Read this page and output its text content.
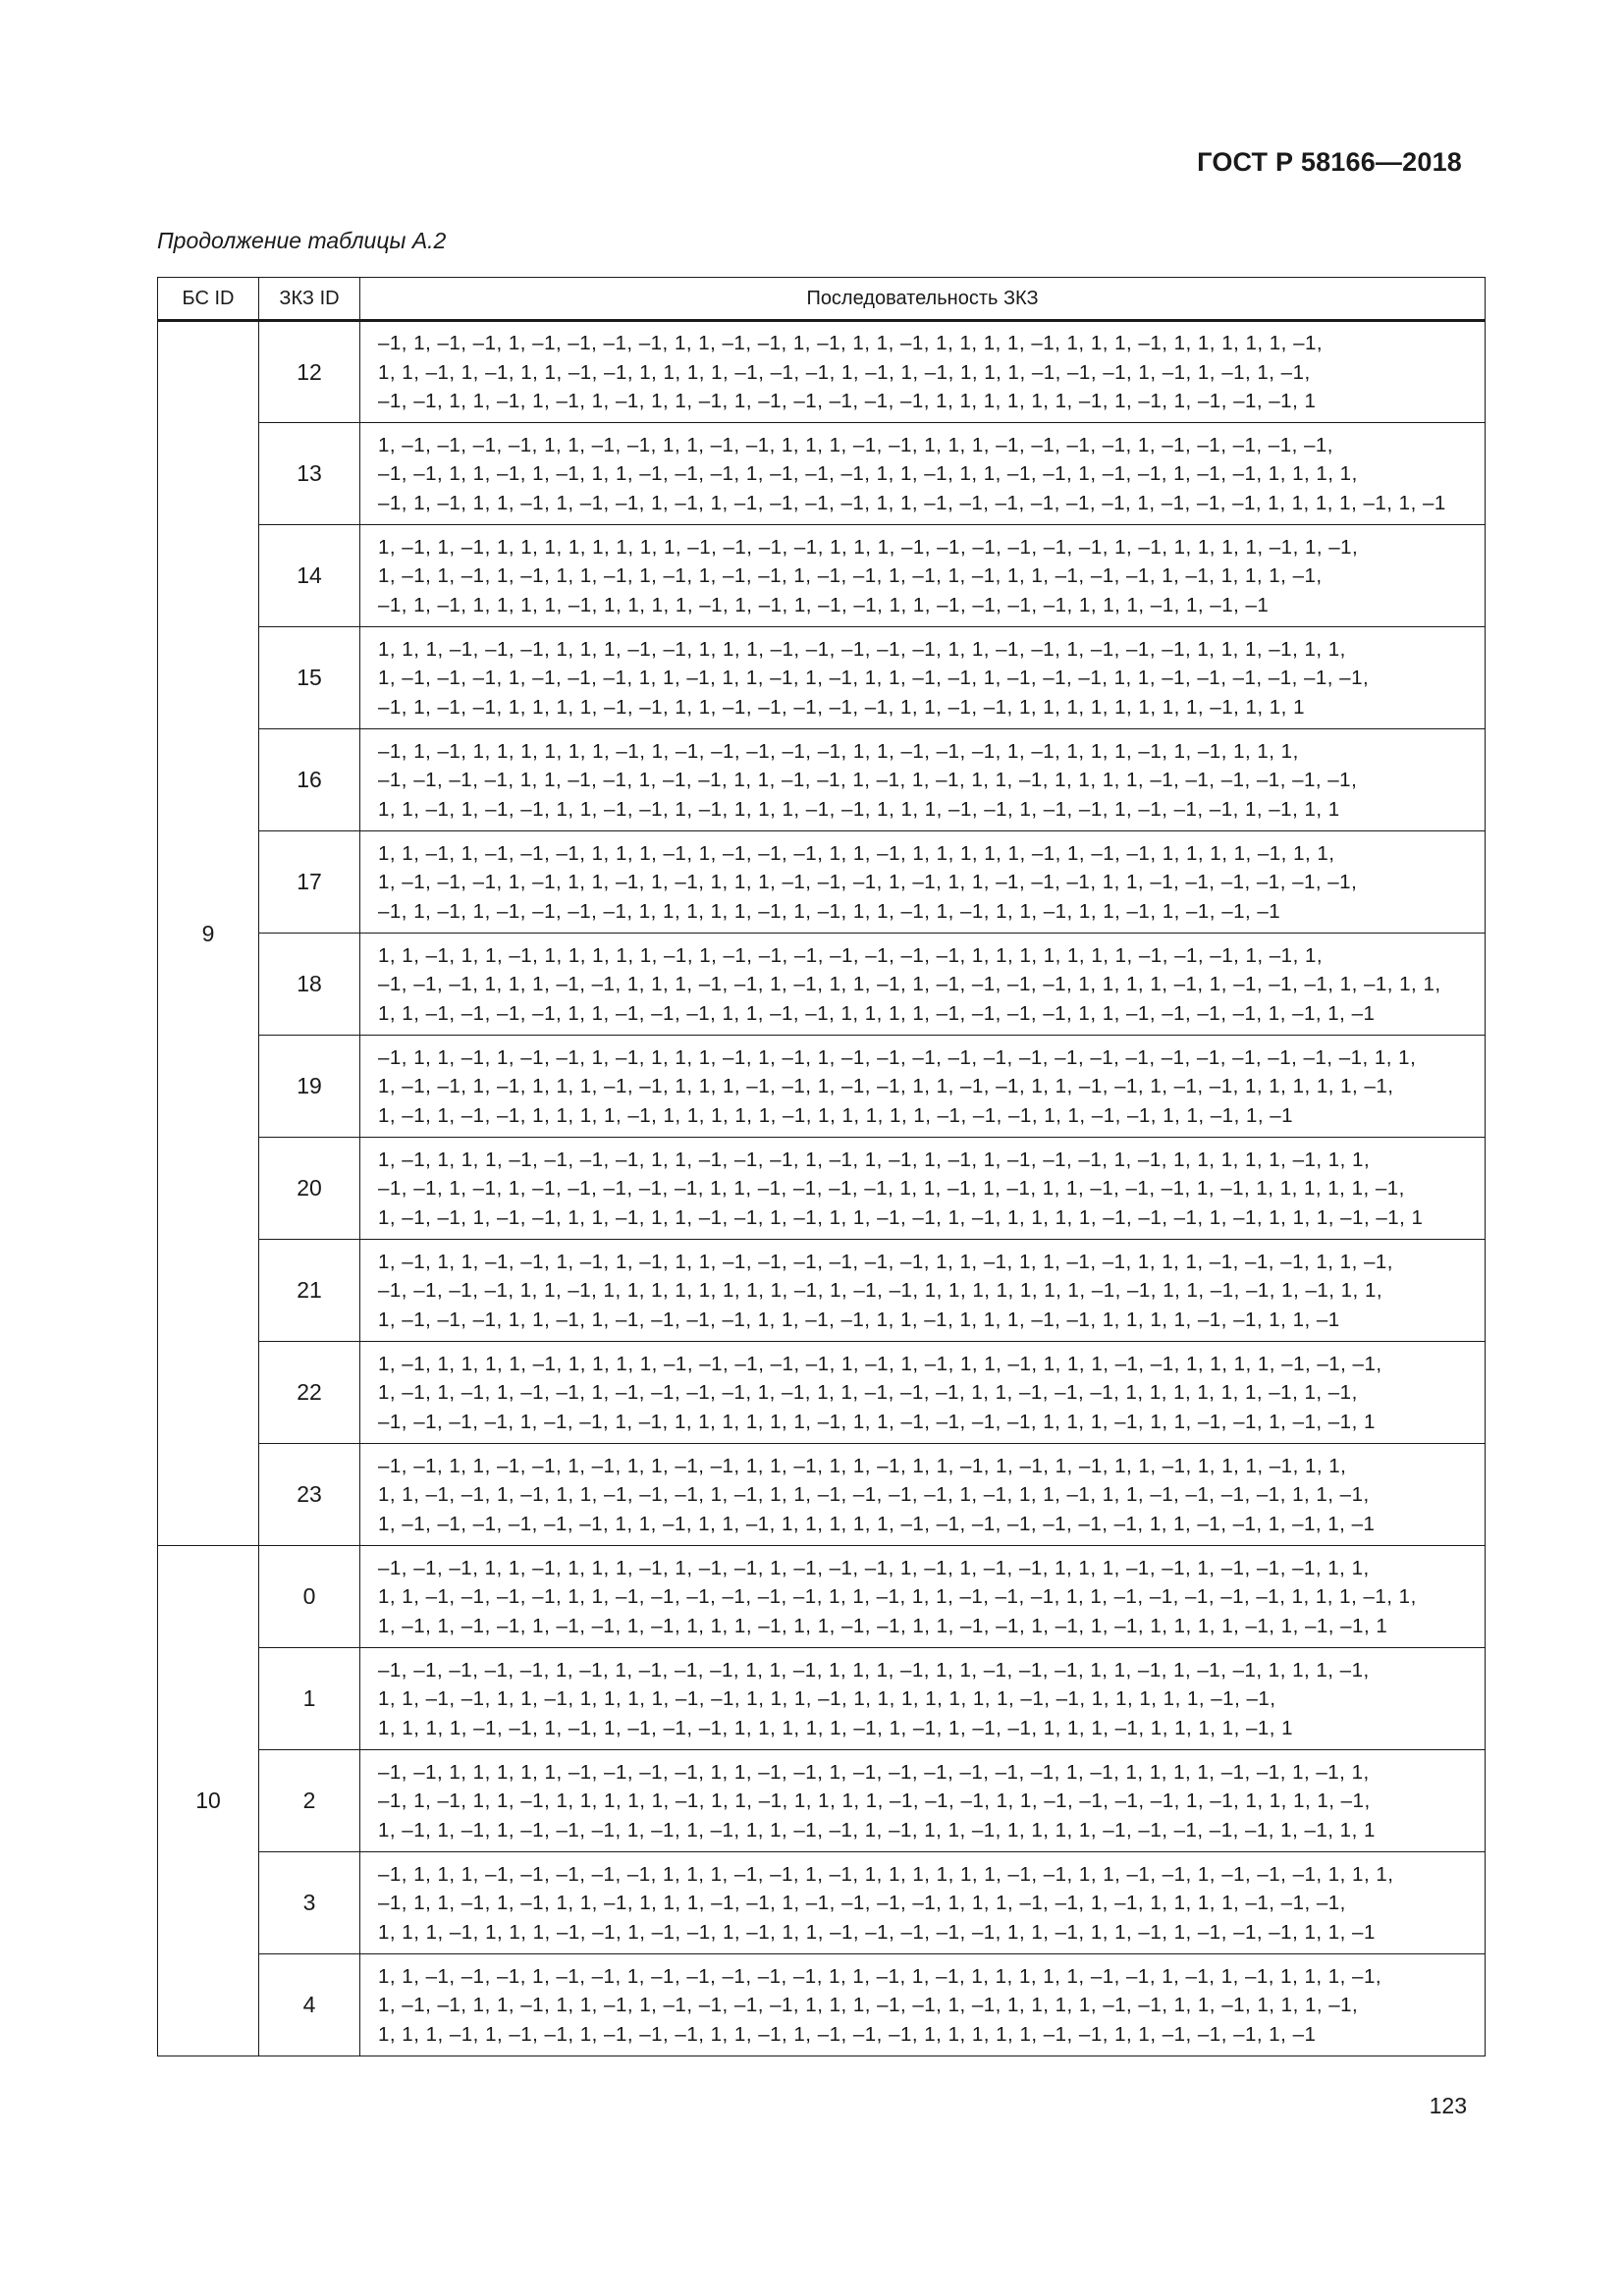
ГОСТ Р 58166—2018
Продолжение таблицы А.2
БС ID	ЗКЗ ID	Последовательность ЗКЗ
9	12	–1, 1, –1, –1, 1, –1, –1, –1, –1, 1, 1, –1, –1, 1, –1, 1, 1, –1, 1, 1, 1, 1, –1, 1, 1, 1, –1, 1, 1, 1, 1, 1, –1,
1, 1, –1, 1, –1, 1, 1, –1, –1, 1, 1, 1, 1, –1, –1, –1, 1, –1, 1, –1, 1, 1, 1, –1, –1, –1, 1, –1, 1, –1, 1, –1,
–1, –1, 1, 1, –1, 1, –1, 1, –1, 1, 1, –1, 1, –1, –1, –1, –1, –1, 1, 1, 1, 1, 1, 1, –1, 1, –1, 1, –1, –1, –1, 1

	13	1, –1, –1, –1, –1, 1, 1, –1, –1, 1, 1, –1, –1, 1, 1, 1, –1, –1, 1, 1, 1, –1, –1, –1, –1, 1, –1, –1, –1, –1, –1,
–1, –1, 1, 1, –1, 1, –1, 1, 1, –1, –1, –1, 1, –1, –1, –1, 1, 1, –1, 1, 1, –1, –1, 1, –1, –1, 1, –1, –1, 1, 1, 1, 1,
–1, 1, –1, 1, 1, –1, 1, –1, –1, 1, –1, 1, –1, –1, –1, –1, 1, 1, –1, –1, –1, –1, –1, –1, 1, –1, –1, –1, 1, 1, 1, 1, –1, 1, –1

	14	1, –1, 1, –1, 1, 1, 1, 1, 1, 1, 1, 1, –1, –1, –1, –1, 1, 1, 1, –1, –1, –1, –1, –1, –1, 1, –1, 1, 1, 1, 1, –1, 1, –1,
1, –1, 1, –1, 1, –1, 1, 1, –1, 1, –1, 1, –1, –1, 1, –1, –1, 1, –1, 1, –1, 1, 1, –1, –1, –1, 1, –1, 1, 1, 1, –1,
–1, 1, –1, 1, 1, 1, 1, –1, 1, 1, 1, 1, –1, 1, –1, 1, –1, –1, 1, 1, –1, –1, –1, –1, 1, 1, 1, –1, 1, –1, –1

	15	1, 1, 1, –1, –1, –1, 1, 1, 1, –1, –1, 1, 1, 1, –1, –1, –1, –1, –1, 1, 1, –1, –1, 1, –1, –1, –1, 1, 1, 1, –1, 1, 1,
1, –1, –1, –1, 1, –1, –1, –1, 1, 1, –1, 1, 1, –1, 1, –1, 1, 1, –1, –1, 1, –1, –1, –1, 1, 1, –1, –1, –1, –1, –1, –1,
–1, 1, –1, –1, 1, 1, 1, 1, –1, –1, 1, 1, –1, –1, –1, –1, –1, 1, 1, –1, –1, 1, 1, 1, 1, 1, 1, 1, 1, –1, 1, 1, 1

	16	–1, 1, –1, 1, 1, 1, 1, 1, 1, –1, 1, –1, –1, –1, –1, –1, 1, 1, –1, –1, –1, 1, –1, 1, 1, 1, –1, 1, –1, 1, 1, 1,
–1, –1, –1, –1, 1, 1, –1, –1, 1, –1, –1, 1, 1, –1, –1, 1, –1, 1, –1, 1, 1, –1, 1, 1, 1, 1, –1, –1, –1, –1, –1, –1,
1, 1, –1, 1, –1, –1, 1, 1, –1, –1, 1, –1, 1, 1, 1, –1, –1, 1, 1, 1, –1, –1, 1, –1, –1, 1, –1, –1, –1, 1, –1, 1, 1

	17	1, 1, –1, 1, –1, –1, –1, 1, 1, 1, –1, 1, –1, –1, –1, 1, 1, –1, 1, 1, 1, 1, 1, –1, 1, –1, –1, 1, 1, 1, 1, –1, 1, 1,
1, –1, –1, –1, 1, –1, 1, 1, –1, 1, –1, 1, 1, 1, –1, –1, –1, 1, –1, 1, 1, –1, –1, –1, 1, 1, –1, –1, –1, –1, –1, –1,
–1, 1, –1, 1, –1, –1, –1, –1, 1, 1, 1, 1, 1, –1, 1, –1, 1, 1, –1, 1, –1, 1, 1, –1, 1, 1, –1, 1, –1, –1, –1

	18	1, 1, –1, 1, 1, –1, 1, 1, 1, 1, 1, –1, 1, –1, –1, –1, –1, –1, –1, –1, 1, 1, 1, 1, 1, 1, 1, –1, –1, –1, 1, –1, 1,
–1, –1, –1, 1, 1, 1, –1, –1, 1, 1, 1, –1, –1, 1, –1, 1, 1, –1, 1, –1, –1, –1, –1, 1, 1, 1, 1, –1, 1, –1, –1, –1, 1, –1, 1, 1,
1, 1, –1, –1, –1, –1, 1, 1, –1, –1, –1, 1, 1, –1, –1, 1, 1, 1, 1, –1, –1, –1, –1, 1, 1, –1, –1, –1, –1, 1, –1, 1, –1

	19	–1, 1, 1, –1, 1, –1, –1, 1, –1, 1, 1, 1, –1, 1, –1, 1, –1, –1, –1, –1, –1, –1, –1, –1, –1, –1, –1, –1, –1, –1, –1, 1, 1,
1, –1, –1, 1, –1, 1, 1, 1, –1, –1, 1, 1, 1, –1, –1, 1, –1, –1, 1, 1, –1, –1, 1, 1, –1, –1, 1, –1, –1, 1, 1, 1, 1, 1, –1,
1, –1, 1, –1, –1, 1, 1, 1, 1, –1, 1, 1, 1, 1, 1, –1, 1, 1, 1, 1, 1, –1, –1, –1, 1, 1, –1, –1, 1, 1, –1, 1, –1

	20	1, –1, 1, 1, 1, –1, –1, –1, –1, 1, 1, –1, –1, –1, 1, –1, 1, –1, 1, –1, 1, –1, –1, –1, 1, –1, 1, 1, 1, 1, 1, –1, 1, 1,
–1, –1, 1, –1, 1, –1, –1, –1, –1, –1, 1, 1, –1, –1, –1, –1, 1, 1, –1, 1, –1, 1, 1, –1, –1, –1, 1, –1, 1, 1, 1, 1, 1, –1,
1, –1, –1, 1, –1, –1, 1, 1, –1, 1, 1, –1, –1, 1, –1, 1, 1, –1, –1, 1, –1, 1, 1, 1, 1, –1, –1, –1, 1, –1, 1, 1, 1, –1, –1, 1

	21	1, –1, 1, 1, –1, –1, 1, –1, 1, –1, 1, 1, –1, –1, –1, –1, –1, –1, 1, 1, –1, 1, 1, –1, –1, 1, 1, 1, –1, –1, –1, 1, 1, –1,
–1, –1, –1, –1, 1, 1, –1, 1, 1, 1, 1, 1, 1, 1, 1, –1, 1, –1, –1, 1, 1, 1, 1, 1, 1, 1, –1, –1, 1, 1, –1, –1, 1, –1, 1, 1,
1, –1, –1, –1, 1, 1, –1, 1, –1, –1, –1, –1, 1, 1, –1, –1, 1, 1, –1, 1, 1, 1, –1, –1, 1, 1, 1, 1, –1, –1, 1, 1, –1

	22	1, –1, 1, 1, 1, 1, –1, 1, 1, 1, 1, –1, –1, –1, –1, –1, 1, –1, 1, –1, 1, 1, –1, 1, 1, 1, –1, –1, 1, 1, 1, 1, –1, –1, –1,
1, –1, 1, –1, 1, –1, –1, 1, –1, –1, –1, –1, 1, –1, 1, 1, –1, –1, –1, 1, 1, –1, –1, –1, 1, 1, 1, 1, 1, 1, –1, 1, –1,
–1, –1, –1, –1, 1, –1, –1, 1, –1, 1, 1, 1, 1, 1, 1, –1, 1, 1, –1, –1, –1, –1, 1, 1, 1, –1, 1, 1, –1, –1, 1, –1, –1, 1

	23	–1, –1, 1, 1, –1, –1, 1, –1, 1, 1, –1, –1, 1, 1, –1, 1, 1, –1, 1, 1, –1, 1, –1, 1, –1, 1, 1, –1, 1, 1, 1, –1, 1, 1,
1, 1, –1, –1, 1, –1, 1, 1, –1, –1, –1, 1, –1, 1, 1, –1, –1, –1, –1, 1, –1, 1, 1, –1, 1, 1, –1, –1, –1, –1, 1, 1, –1,
1, –1, –1, –1, –1, –1, –1, 1, 1, –1, 1, 1, –1, 1, 1, 1, 1, 1, –1, –1, –1, –1, –1, –1, –1, 1, 1, –1, –1, 1, –1, 1, –1

10	0	–1, –1, –1, 1, 1, –1, 1, 1, 1, –1, 1, –1, –1, 1, –1, –1, –1, 1, –1, 1, –1, –1, 1, 1, 1, –1, –1, 1, –1, –1, –1, 1, 1,
1, 1, –1, –1, –1, –1, 1, 1, –1, –1, –1, –1, –1, –1, 1, 1, –1, 1, 1, –1, –1, –1, 1, 1, –1, –1, –1, –1, –1, 1, 1, 1, –1, 1,
1, –1, 1, –1, –1, 1, –1, –1, 1, –1, 1, 1, 1, –1, 1, 1, –1, –1, 1, 1, –1, –1, 1, –1, 1, –1, 1, 1, 1, 1, –1, 1, –1, –1, 1

	1	–1, –1, –1, –1, –1, 1, –1, 1, –1, –1, –1, 1, 1, –1, 1, 1, 1, –1, 1, 1, –1, –1, –1, 1, 1, –1, 1, –1, –1, 1, 1, 1, –1,
1, 1, –1, –1, 1, 1, –1, 1, 1, 1, 1, –1, –1, 1, 1, 1, –1, 1, 1, 1, 1, 1, 1, 1, –1, –1, 1, 1, 1, 1, 1, –1, –1,
1, 1, 1, 1, –1, –1, 1, –1, 1, –1, –1, –1, 1, 1, 1, 1, 1, –1, 1, –1, 1, –1, –1, 1, 1, 1, –1, 1, 1, 1, 1, –1, 1

	2	–1, –1, 1, 1, 1, 1, 1, –1, –1, –1, –1, 1, 1, –1, –1, 1, –1, –1, –1, –1, –1, –1, 1, –1, 1, 1, 1, 1, –1, –1, 1, –1, 1,
–1, 1, –1, 1, 1, –1, 1, 1, 1, 1, 1, –1, 1, 1, –1, 1, 1, 1, 1, –1, –1, –1, 1, 1, –1, –1, –1, –1, 1, –1, 1, 1, 1, 1, –1,
1, –1, 1, –1, 1, –1, –1, –1, 1, –1, 1, –1, 1, 1, –1, –1, 1, –1, 1, 1, –1, 1, 1, 1, 1, –1, –1, –1, –1, –1, 1, –1, 1, 1

	3	–1, 1, 1, 1, –1, –1, –1, –1, –1, 1, 1, 1, –1, –1, 1, –1, 1, 1, 1, 1, 1, 1, –1, –1, 1, 1, –1, –1, 1, –1, –1, –1, 1, 1, 1,
–1, 1, 1, –1, 1, –1, 1, 1, –1, 1, 1, 1, –1, –1, 1, –1, –1, –1, –1, 1, 1, 1, –1, –1, 1, –1, 1, 1, 1, 1, –1, –1, –1,
1, 1, 1, –1, 1, 1, 1, –1, –1, 1, –1, –1, 1, –1, 1, 1, –1, –1, –1, –1, –1, 1, 1, –1, 1, 1, –1, 1, –1, –1, –1, 1, 1, –1

	4	1, 1, –1, –1, –1, 1, –1, –1, 1, –1, –1, –1, –1, –1, 1, 1, –1, 1, –1, 1, 1, 1, 1, 1, –1, –1, 1, –1, 1, –1, 1, 1, 1, –1,
1, –1, –1, 1, 1, –1, 1, 1, –1, 1, –1, –1, –1, –1, 1, 1, 1, –1, –1, 1, –1, 1, 1, 1, 1, –1, –1, 1, 1, –1, 1, 1, 1, –1,
1, 1, 1, –1, 1, –1, –1, 1, –1, –1, –1, 1, 1, –1, 1, –1, –1, –1, 1, 1, 1, 1, 1, –1, –1, 1, 1, –1, –1, –1, 1, –1
123
